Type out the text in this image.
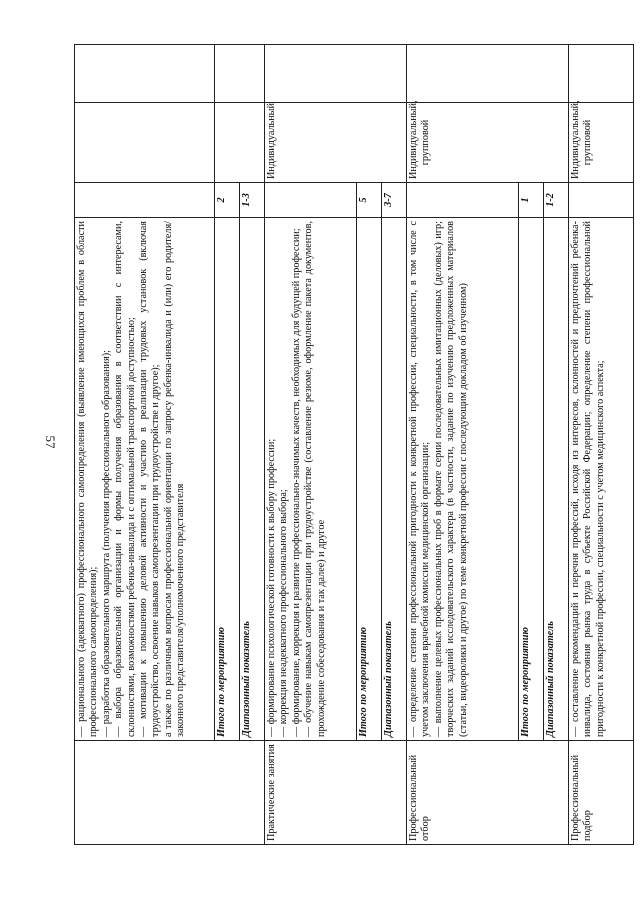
57

	— рационального (адекватного) профессионального самоопределения (выявление имеющихся проблем в области профессионального самоопределения); — разработка образовательного маршрута (получения профессионального образования); — выбора образовательной организации и формы получения образования в соответствии с интересами, склонностями, возможностями ребенка-инвалида и с оптимальной транспортной доступностью; — мотивации к повышению деловой активности и участию в реализации трудовых установок (включая трудоустройство, освоение навыков самопрезентации при трудоустройстве и другое); а также по различным вопросам профессиональной ориентации по запросу ребенка-инвалида и (или) его родителя/законного представителя/уполномоченного представителя			

	Итого по мероприятию	2		
	Диапазонный показатель	1-3		
Практические занятия	— формирование психологической готовности к выбору профессии; — коррекция неадекватного профессионального выбора; — формирование, коррекция и развитие профессионально-значимых качеств, необходимых для будущей профессии; — обучение навыкам самопрезентации при трудоустройстве (составление резюме, оформление пакета документов, прохождение собеседования и так далее) и другое		Индивидуальный	
	Итого по мероприятию	5		
	Диапазонный показатель	3-7		
Профессиональный отбор	— определение степени профессиональной пригодности к конкретной профессии, специальности, в том числе с учетом заключения врачебной комиссии медицинской организации; — выполнение целевых профессиональных проб в формате серии последовательных имитационных (деловых) игр; творческих заданий исследовательского характера (в частности, задание по изучению предложенных материалов (статьи, видеоролики и другое) по теме конкретной профессии с последующим докладом об изученном)		Индивидуальный, групповой	
	Итого по мероприятию	1		
	Диапазонный показатель	1-2		
Профессиональный подбор	— составление рекомендаций и перечня профессий, исходя из интересов, склонностей и предпочтений ребенка-инвалида, состояния рынка труда в субъекте Российской Федерации; определение степени профессиональной пригодности к конкретной профессии, специальности с учетом медицинского аспекта;		Индивидуальный, групповой	
